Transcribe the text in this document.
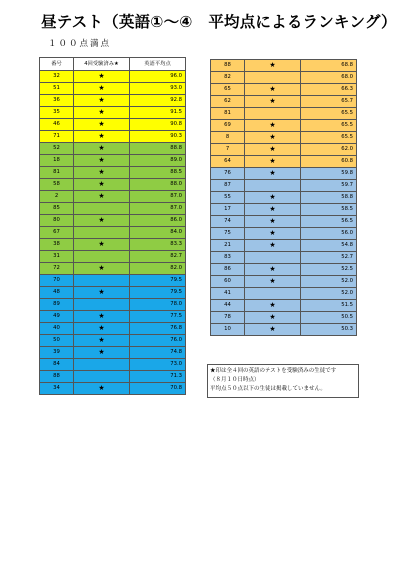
昼テスト（英語①〜④　平均点によるランキング）
１００点満点
番号	4回受験済み★	英語平均点
32	★	96.0
51	★	93.0
36	★	92.8
35	★	91.5
46	★	90.8
71	★	90.3
52	★	88.8
18	★	89.0
81	★	88.5
58	★	88.0
2	★	87.0
85		87.0
80	★	86.0
67		84.0
38	★	83.3
31		82.7
72	★	82.0
70		79.5
48	★	79.5
89		78.0
49	★	77.5
40	★	76.8
50	★	76.0
39	★	74.8
84		73.0
88		71.3
34	★	70.8
88	★	68.8
82		68.0
65	★	66.3
62	★	65.7
81		65.5
69	★	65.5
8	★	65.5
7	★	62.0
64	★	60.8
76	★	59.8
87		59.7
55	★	58.8
17	★	58.5
74	★	56.5
75	★	56.0
21	★	54.8
83		52.7
86	★	52.5
60	★	52.0
41		52.0
44	★	51.5
78	★	50.5
10	★	50.3
★印は全４回の英語のテストを受験済みの生徒です
（８月１０日時点）
平均点５０点以下の生徒は掲載していません。
